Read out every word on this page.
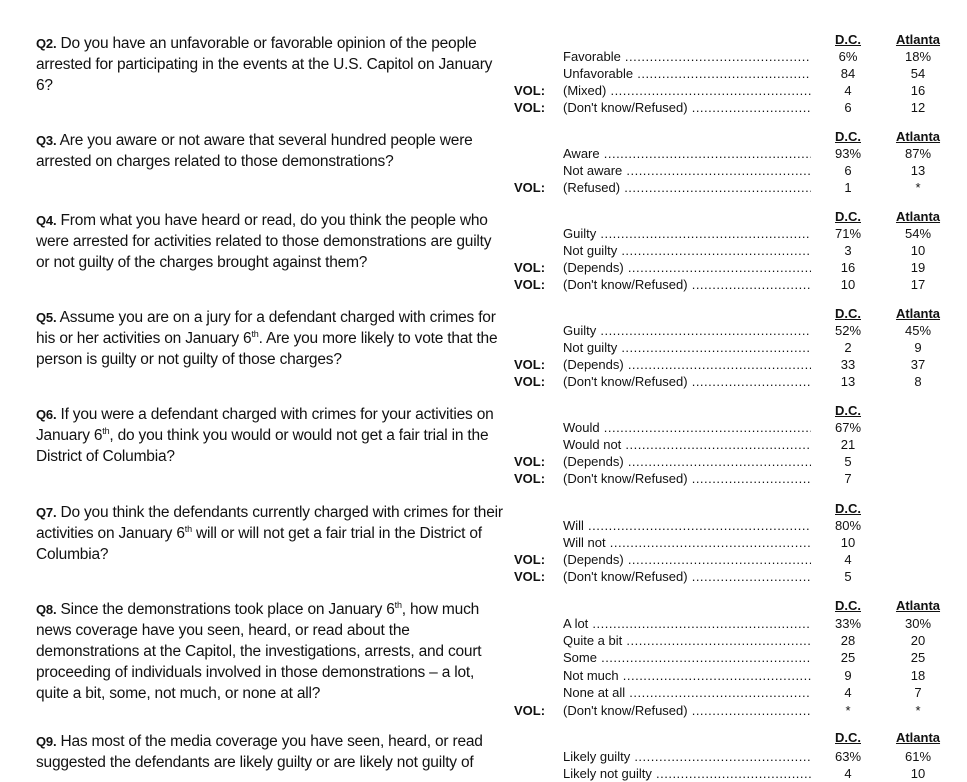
Q2. Do you have an unfavorable or favorable opinion of the people arrested for participating in the events at the U.S. Capitol on January 6?
D.C.	Atlanta
Favorable .....	6%	18%
Unfavorable .....	84	54
VOL:	(Mixed) .....	4	16
VOL:	(Don't know/Refused) .....	6	12
Q3. Are you aware or not aware that several hundred people were arrested on charges related to those demonstrations?
D.C.	Atlanta
Aware .....	93%	87%
Not aware .....	6	13
VOL:	(Refused) .....	1	*
Q4. From what you have heard or read, do you think the people who were arrested for activities related to those demonstrations are guilty or not guilty of the charges brought against them?
D.C.	Atlanta
Guilty .....	71%	54%
Not guilty .....	3	10
VOL:	(Depends) .....	16	19
VOL:	(Don't know/Refused) .....	10	17
Q5. Assume you are on a jury for a defendant charged with crimes for his or her activities on January 6th. Are you more likely to vote that the person is guilty or not guilty of those charges?
D.C.	Atlanta
Guilty .....	52%	45%
Not guilty .....	2	9
VOL:	(Depends) .....	33	37
VOL:	(Don't know/Refused) .....	13	8
Q6. If you were a defendant charged with crimes for your activities on January 6th, do you think you would or would not get a fair trial in the District of Columbia?
D.C.
Would .....	67%
Would not .....	21
VOL:	(Depends) .....	5
VOL:	(Don't know/Refused) .....	7
Q7. Do you think the defendants currently charged with crimes for their activities on January 6th will or will not get a fair trial in the District of Columbia?
D.C.
Will .....	80%
Will not .....	10
VOL:	(Depends) .....	4
VOL:	(Don't know/Refused) .....	5
Q8. Since the demonstrations took place on January 6th, how much news coverage have you seen, heard, or read about the demonstrations at the Capitol, the investigations, arrests, and court proceeding of individuals involved in those demonstrations – a lot, quite a bit, some, not much, or none at all?
D.C.	Atlanta
A lot .....	33%	30%
Quite a bit .....	28	20
Some .....	25	25
Not much .....	9	18
None at all .....	4	7
VOL:	(Don't know/Refused) .....	*	*
Q9. Has most of the media coverage you have seen, heard, or read suggested the defendants are likely guilty or are likely not guilty of
D.C.	Atlanta
Likely guilty .....	63%	61%
Likely not guilty .....	4	10
